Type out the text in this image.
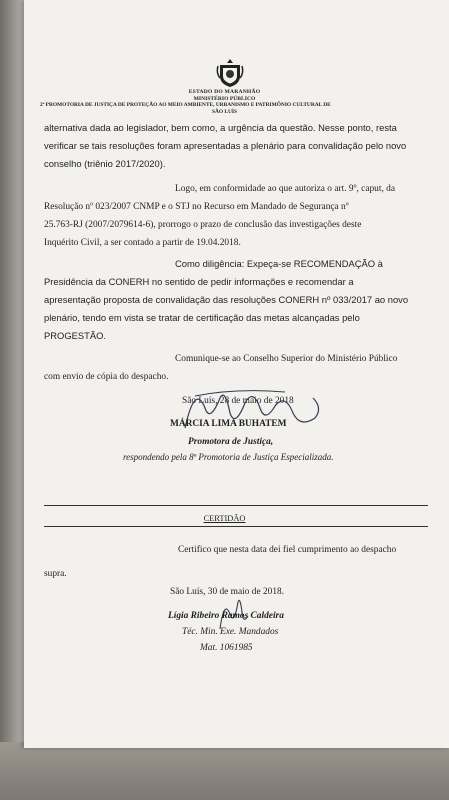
ESTADO DO MARANHÃO
MINISTÉRIO PÚBLICO
2ª PROMOTORIA DE JUSTIÇA DE PROTEÇÃO AO MEIO AMBIENTE, URBANISMO E PATRIMÔNIO CULTURAL DE
SÃO LUÍS
alternativa dada ao legislador, bem como, a urgência da questão. Nesse ponto, resta
verificar se tais resoluções foram apresentadas a plenário para convalidação pelo novo
conselho (triênio 2017/2020).
Logo, em conformidade ao que autoriza o art. 9º, caput, da
Resolução nº 023/2007 CNMP e o STJ no Recurso em Mandado de Segurança nº
25.763-RJ (2007/2079614-6), prorrogo o prazo de conclusão das investigações deste
Inquérito Civil, a ser contado a partir de 19.04.2018.
Como diligência: Expeça-se RECOMENDAÇÃO à
Presidência da CONERH no sentido de pedir informações e recomendar a
apresentação proposta de convalidação das resoluções CONERH nº 033/2017 ao novo
plenário, tendo em vista se tratar de certificação das metas alcançadas pelo
PROGESTÃO.
Comunique-se ao Conselho Superior do Ministério Público
com envio de cópia do despacho.
São Luís, 28 de maio de 2018
MÁRCIA LIMA BUHATEM
Promotora de Justiça,
respondendo pela 8ª Promotoria de Justiça Especializada.
CERTIDÃO
Certifico que nesta data dei fiel cumprimento ao despacho
supra.
São Luís, 30 de maio de 2018.
Lígia Ribeiro Ramos Caldeira
Téc. Min. Exe. Mandados
Mat. 1061985
